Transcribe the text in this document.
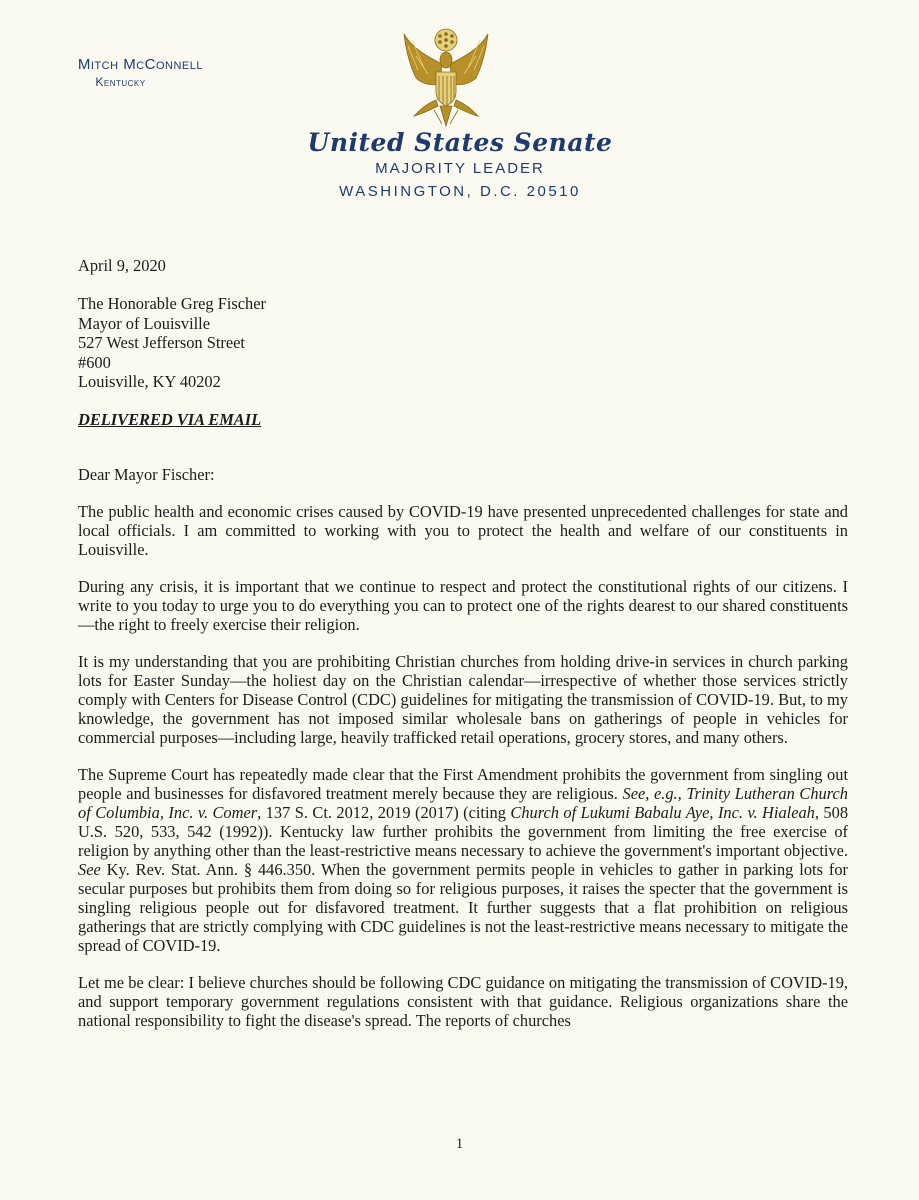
Mitch McConnell
Kentucky
United States Senate
MAJORITY LEADER
WASHINGTON, D.C. 20510
April 9, 2020
The Honorable Greg Fischer
Mayor of Louisville
527 West Jefferson Street
#600
Louisville, KY 40202
DELIVERED VIA EMAIL
Dear Mayor Fischer:
The public health and economic crises caused by COVID-19 have presented unprecedented challenges for state and local officials. I am committed to working with you to protect the health and welfare of our constituents in Louisville.
During any crisis, it is important that we continue to respect and protect the constitutional rights of our citizens. I write to you today to urge you to do everything you can to protect one of the rights dearest to our shared constituents—the right to freely exercise their religion.
It is my understanding that you are prohibiting Christian churches from holding drive-in services in church parking lots for Easter Sunday—the holiest day on the Christian calendar—irrespective of whether those services strictly comply with Centers for Disease Control (CDC) guidelines for mitigating the transmission of COVID-19. But, to my knowledge, the government has not imposed similar wholesale bans on gatherings of people in vehicles for commercial purposes—including large, heavily trafficked retail operations, grocery stores, and many others.
The Supreme Court has repeatedly made clear that the First Amendment prohibits the government from singling out people and businesses for disfavored treatment merely because they are religious. See, e.g., Trinity Lutheran Church of Columbia, Inc. v. Comer, 137 S. Ct. 2012, 2019 (2017) (citing Church of Lukumi Babalu Aye, Inc. v. Hialeah, 508 U.S. 520, 533, 542 (1992)). Kentucky law further prohibits the government from limiting the free exercise of religion by anything other than the least-restrictive means necessary to achieve the government's important objective. See Ky. Rev. Stat. Ann. § 446.350. When the government permits people in vehicles to gather in parking lots for secular purposes but prohibits them from doing so for religious purposes, it raises the specter that the government is singling religious people out for disfavored treatment. It further suggests that a flat prohibition on religious gatherings that are strictly complying with CDC guidelines is not the least-restrictive means necessary to mitigate the spread of COVID-19.
Let me be clear: I believe churches should be following CDC guidance on mitigating the transmission of COVID-19, and support temporary government regulations consistent with that guidance. Religious organizations share the national responsibility to fight the disease's spread. The reports of churches
1
